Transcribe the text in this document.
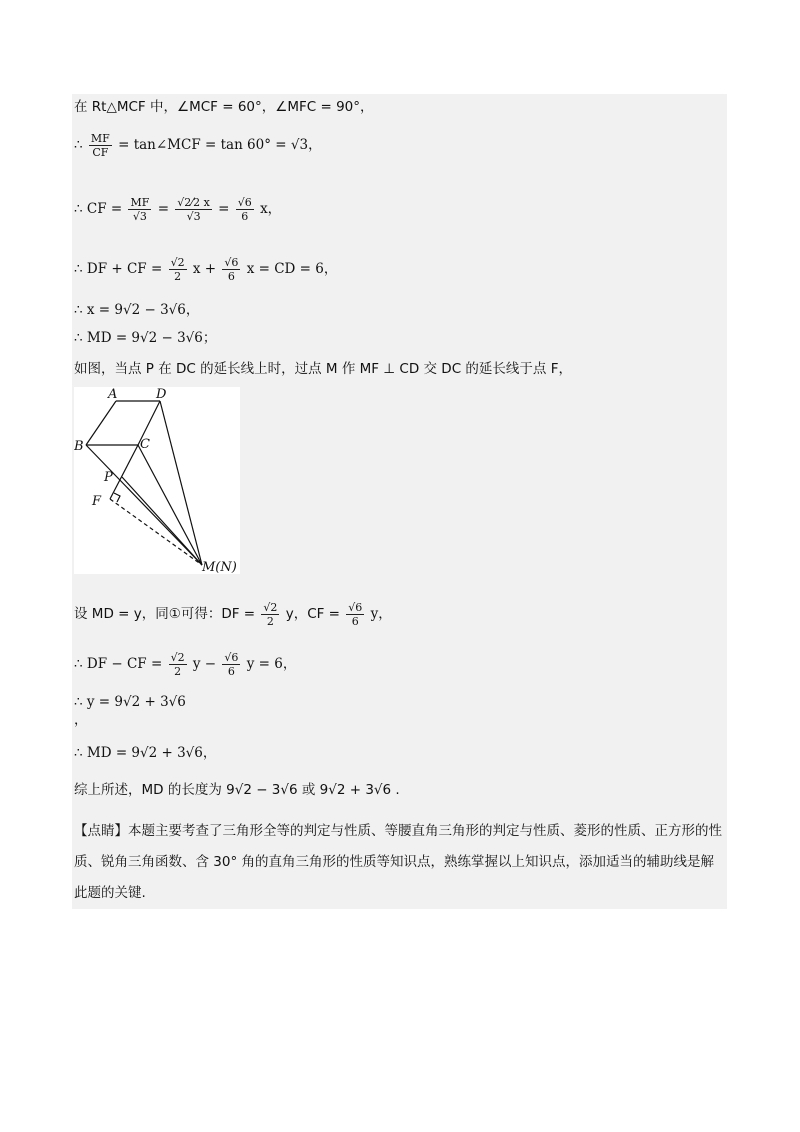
在 Rt△MCF 中，∠MCF = 60°，∠MFC = 90°，
∴ $\frac{MF}{CF}$ = tan∠MCF = tan 60° = √3，
∴ CF = $\frac{MF}{√3} = \frac{√2⁄2 x}{√3} = \frac{√6}{6}$ x，
∴ DF + CF = $\frac{√2}{2}$ $x + \frac{√6}{6}$ x = CD = 6，
∴ x = 9√2 − 3√6，
∴ MD = 9√2 − 3√6；
如图，当点 P 在 DC 的延长线上时，过点 M 作 MF ⊥ CD 交 DC 的延长线于点 F，
A	D
B	C
P
F
M(N)
设 MD = y，同①可得：DF = $\frac{√2}{2}$ y，CF = $\frac{√6}{6}$ y，
∴ DF − CF = $\frac{√2}{2}$ $y - \frac{√6}{6}$ y = 6，
∴ y = 9√2 + 3√6
，
∴ MD = 9√2 + 3√6，
综上所述，MD 的长度为 9√2 − 3√6 或 9√2 + 3√6 .
【点睛】本题主要考查了三角形全等的判定与性质、等腰直角三角形的判定与性质、菱形的性质、正方形的性质、锐角三角函数、含 30° 角的直角三角形的性质等知识点，熟练掌握以上知识点，添加适当的辅助线是解此题的关键.
